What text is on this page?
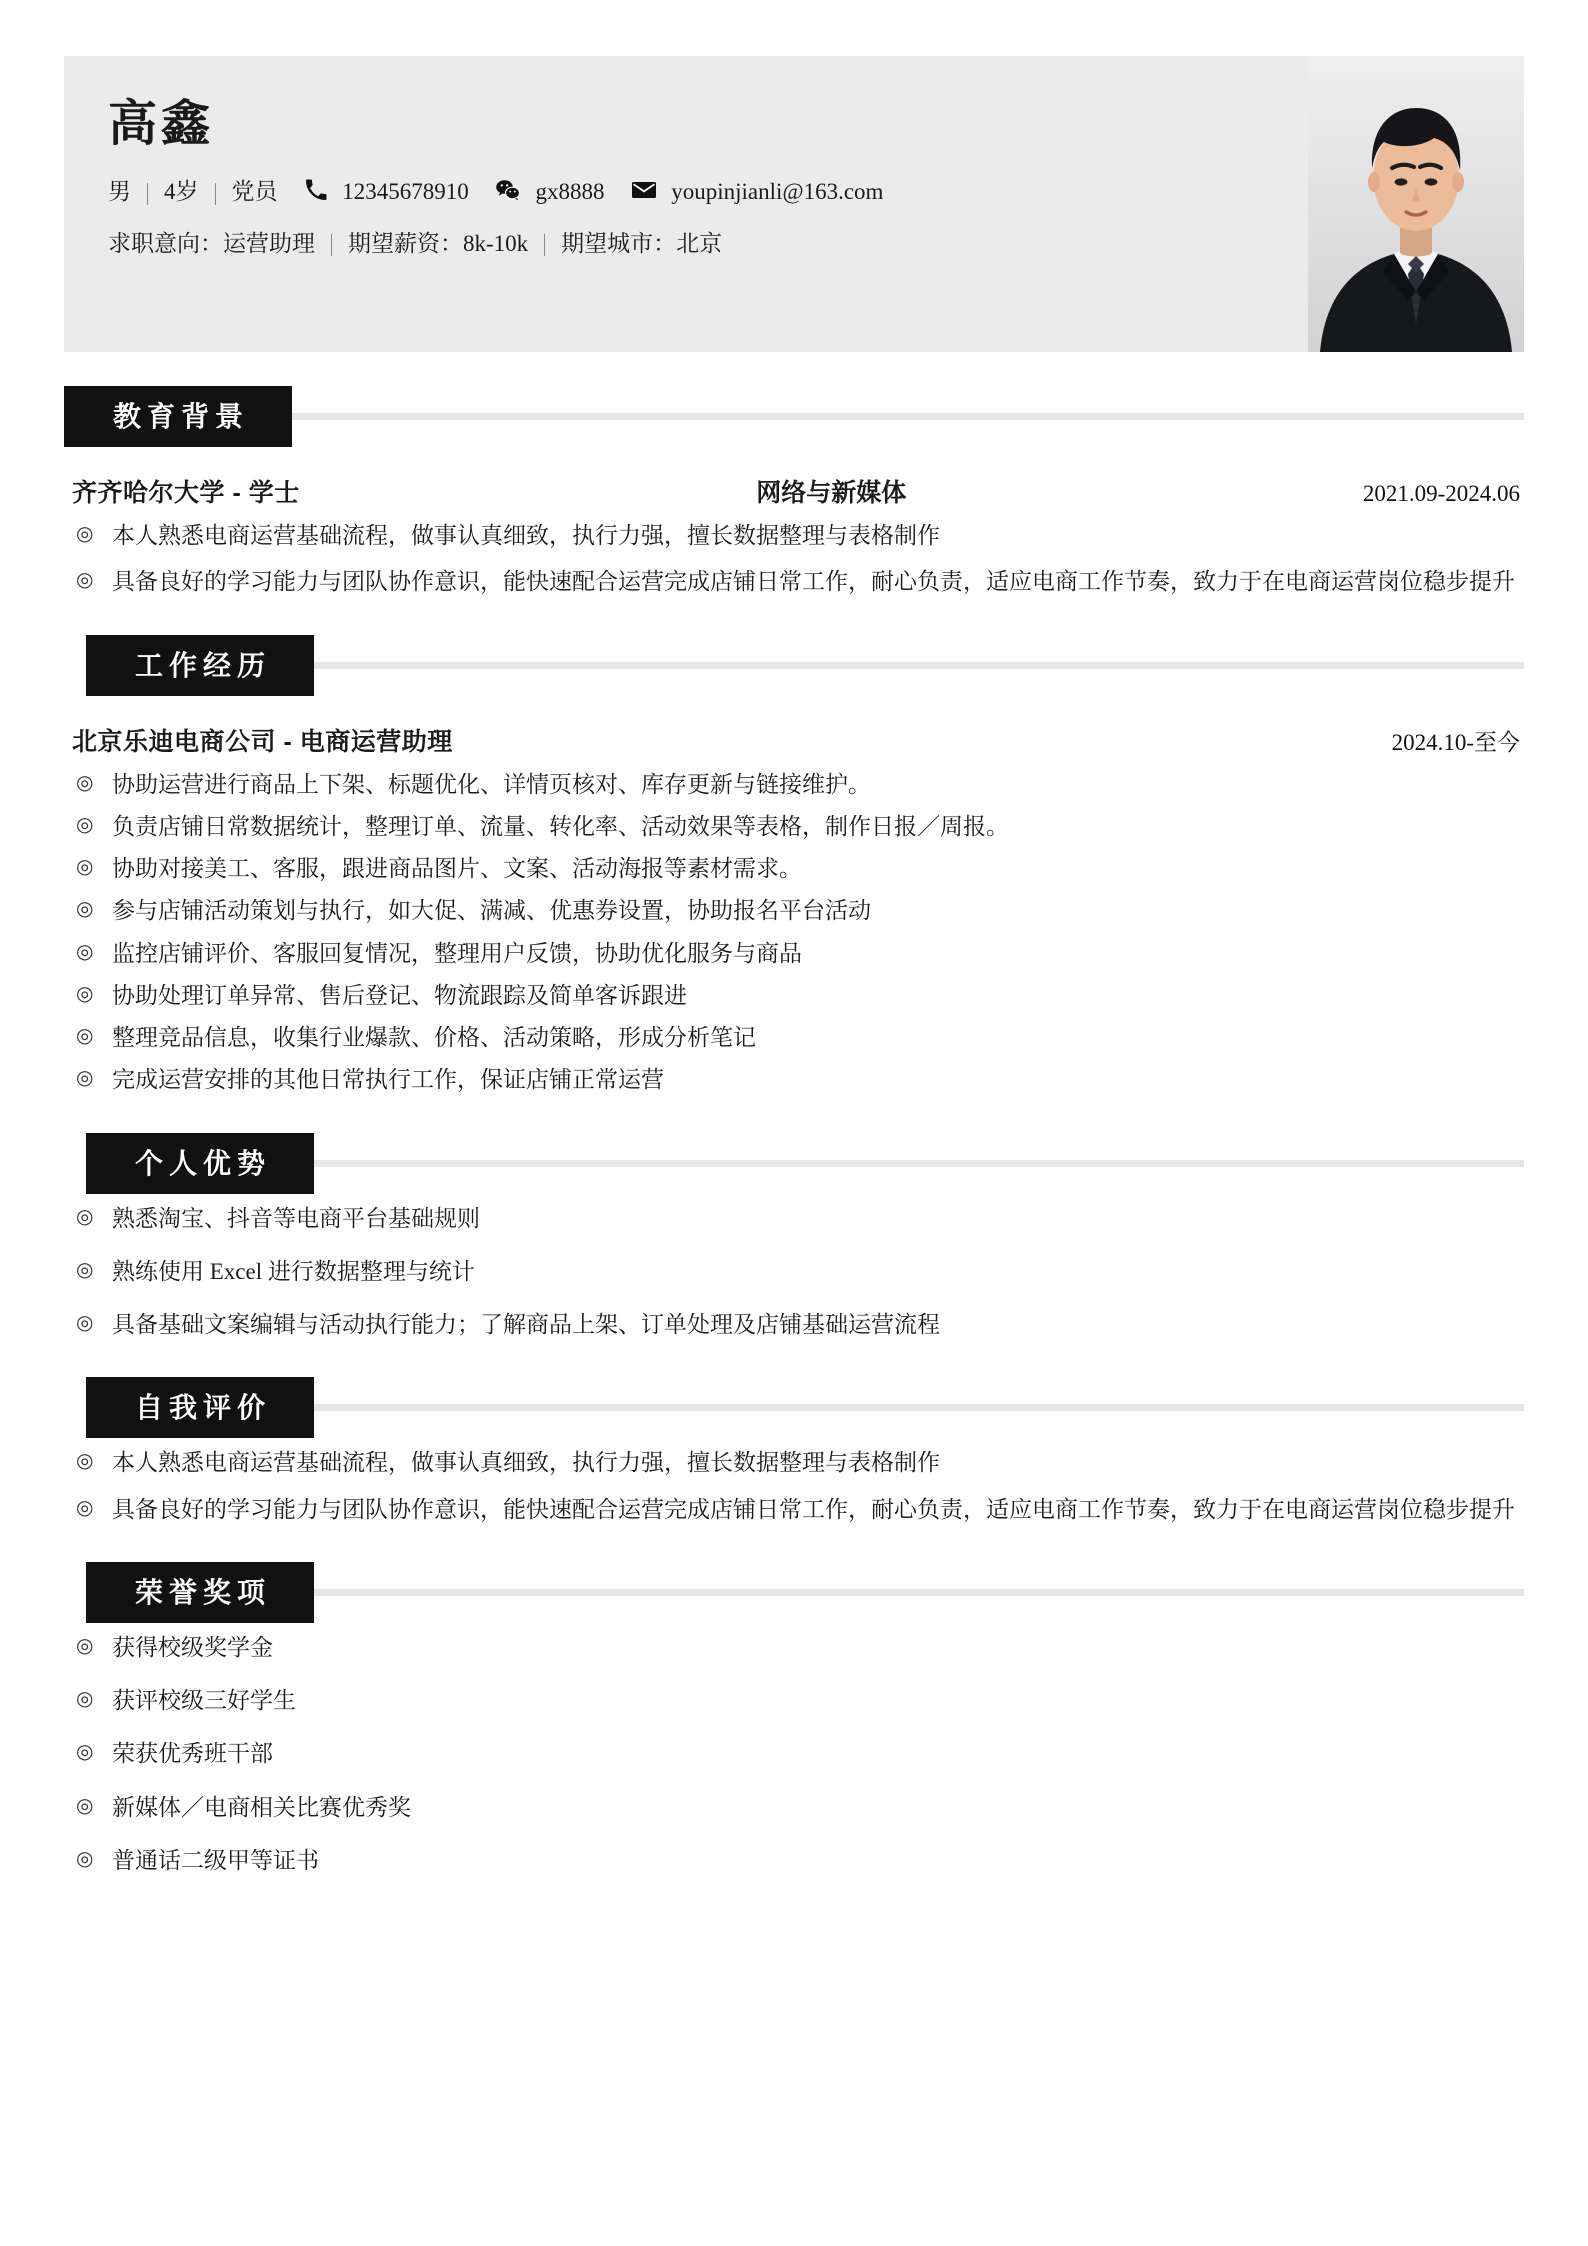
高鑫
男 4岁 党员	12345678910	gx8888	youpinjianli@163.com
求职意向： 运营助理 期望薪资： 8k-10k 期望城市： 北京
教育背景
齐齐哈尔大学 - 学士	网络与新媒体	2021.09-2024.06
◎ 本人熟悉电商运营基础流程，做事认真细致，执行力强，擅长数据整理与表格制作
◎ 具备良好的学习能力与团队协作意识，能快速配合运营完成店铺日常工作，耐心负责，适应电商工作节奏，致力于在电商运营岗位稳步提升
工作经历
北京乐迪电商公司 - 电商运营助理	2024.10-至今
◎ 协助运营进行商品上下架、标题优化、详情页核对、库存更新与链接维护。
◎ 负责店铺日常数据统计，整理订单、流量、转化率、活动效果等表格，制作日报／周报。
◎ 协助对接美工、客服，跟进商品图片、文案、活动海报等素材需求。
◎ 参与店铺活动策划与执行，如大促、满减、优惠券设置，协助报名平台活动
◎ 监控店铺评价、客服回复情况，整理用户反馈，协助优化服务与商品
◎ 协助处理订单异常、售后登记、物流跟踪及简单客诉跟进
◎ 整理竞品信息，收集行业爆款、价格、活动策略，形成分析笔记
◎ 完成运营安排的其他日常执行工作，保证店铺正常运营
个人优势
◎ 熟悉淘宝、抖音等电商平台基础规则
◎ 熟练使用 Excel 进行数据整理与统计
◎ 具备基础文案编辑与活动执行能力；了解商品上架、订单处理及店铺基础运营流程
自我评价
◎ 本人熟悉电商运营基础流程，做事认真细致，执行力强，擅长数据整理与表格制作
◎ 具备良好的学习能力与团队协作意识，能快速配合运营完成店铺日常工作，耐心负责，适应电商工作节奏，致力于在电商运营岗位稳步提升
荣誉奖项
◎ 获得校级奖学金
◎ 获评校级三好学生
◎ 荣获优秀班干部
◎ 新媒体／电商相关比赛优秀奖
◎ 普通话二级甲等证书
